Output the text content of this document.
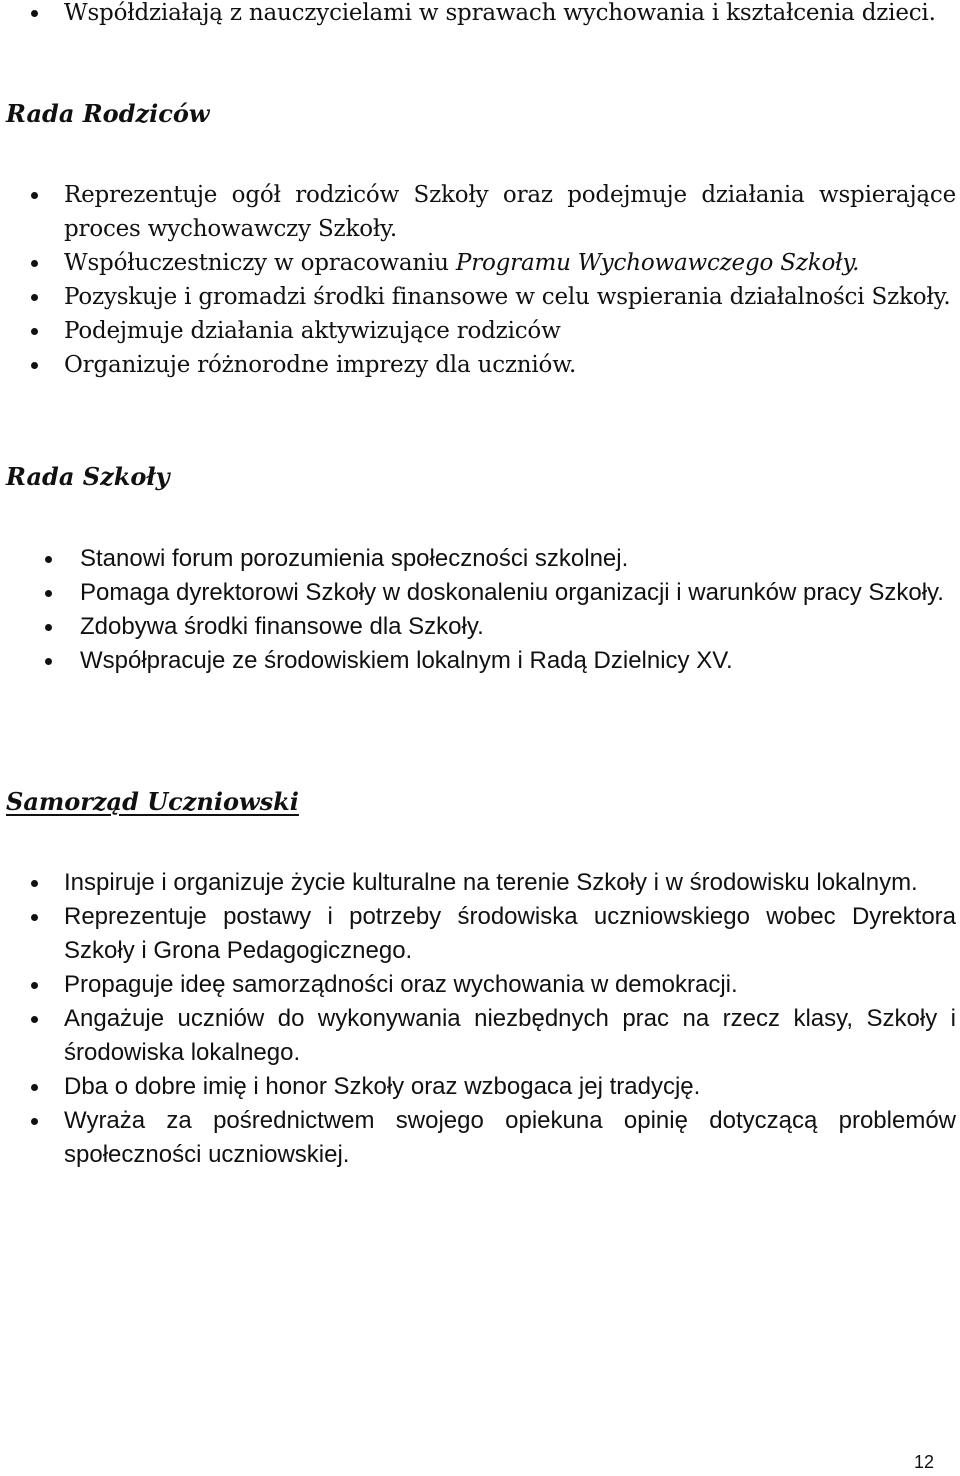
Współdziałają z nauczycielami w sprawach wychowania i kształcenia dzieci.
Rada Rodziców
Reprezentuje ogół rodziców Szkoły oraz podejmuje działania wspierające proces wychowawczy Szkoły.
Współuczestniczy w opracowaniu Programu Wychowawczego Szkoły.
Pozyskuje i gromadzi środki finansowe w celu wspierania działalności Szkoły.
Podejmuje działania aktywizujące rodziców
Organizuje różnorodne imprezy dla uczniów.
Rada Szkoły
Stanowi forum porozumienia społeczności szkolnej.
Pomaga dyrektorowi Szkoły w doskonaleniu organizacji i warunków pracy Szkoły.
Zdobywa środki finansowe dla Szkoły.
Współpracuje ze środowiskiem lokalnym i Radą Dzielnicy XV.
Samorząd Uczniowski
Inspiruje i organizuje życie kulturalne na terenie Szkoły i w środowisku lokalnym.
Reprezentuje postawy i potrzeby środowiska uczniowskiego wobec Dyrektora Szkoły i Grona Pedagogicznego.
Propaguje ideę samorządności oraz wychowania w demokracji.
Angażuje uczniów do wykonywania niezbędnych prac na rzecz klasy, Szkoły i środowiska lokalnego.
Dba o dobre imię i honor Szkoły oraz wzbogaca jej tradycję.
Wyraża za pośrednictwem swojego opiekuna opinię dotyczącą problemów społeczności uczniowskiej.
12
